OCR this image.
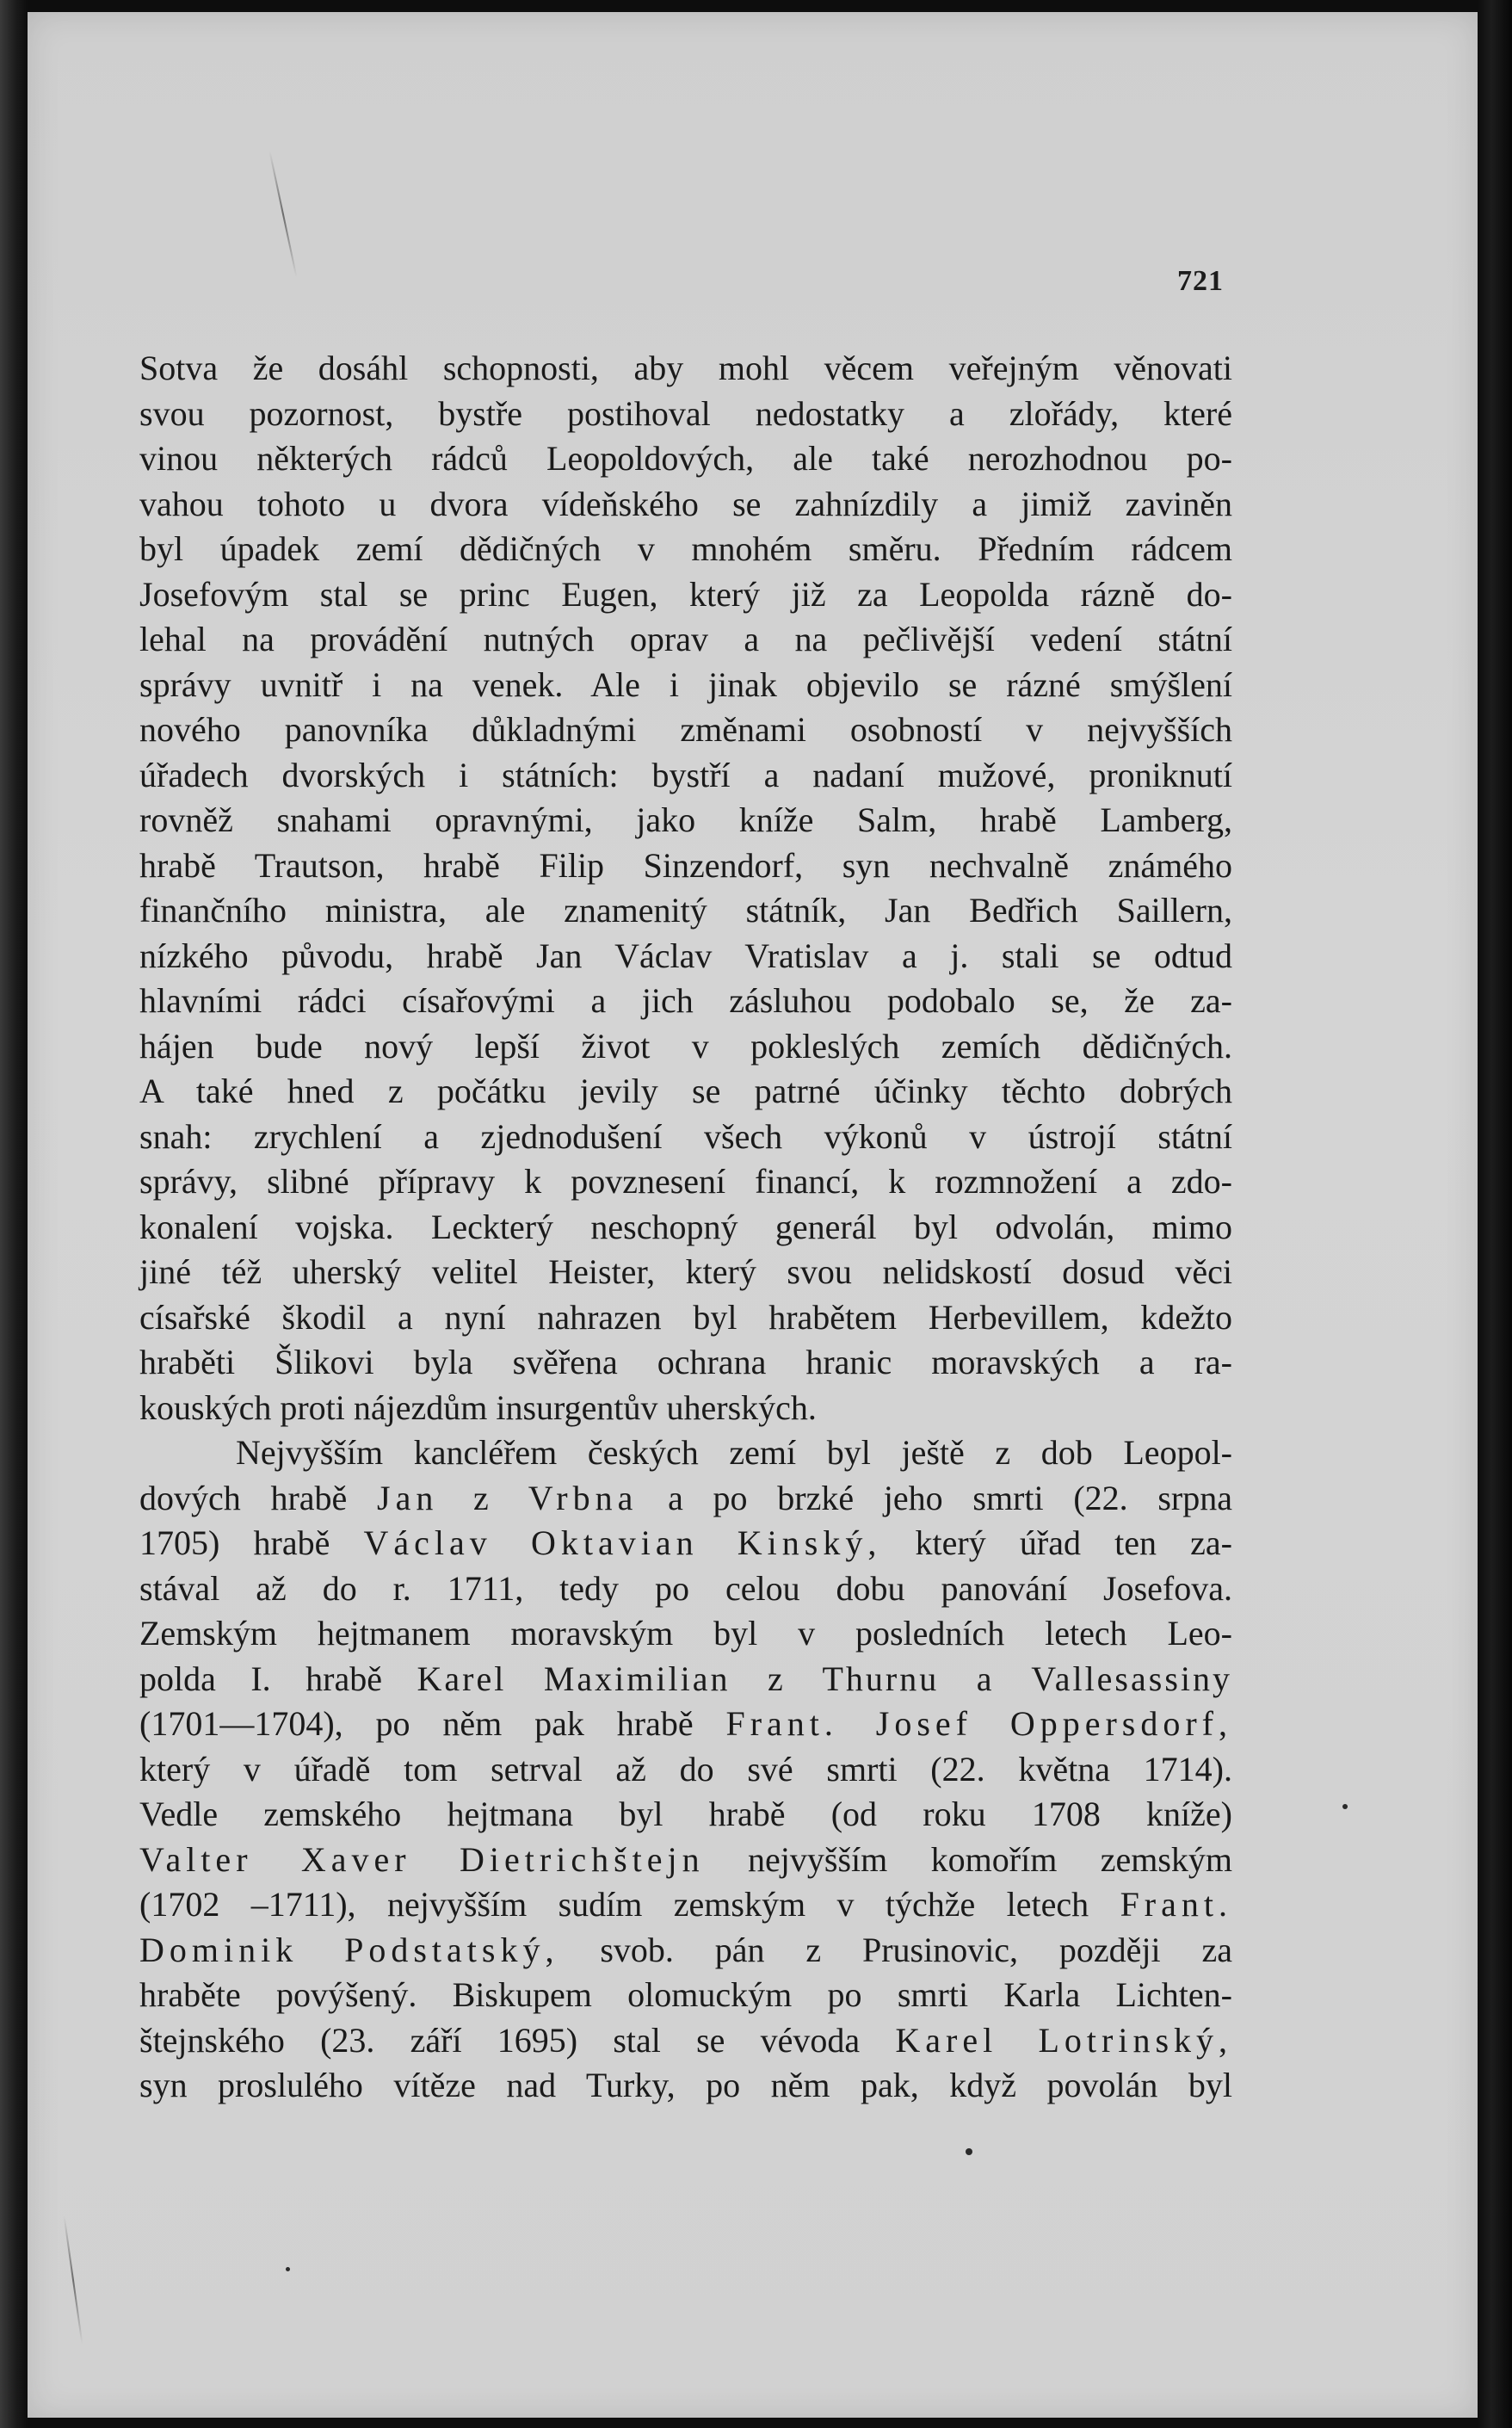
721
Sotva že dosáhl schopnosti, aby mohl věcem veřejným věnovati
svou pozornost, bystře postihoval nedostatky a zlořády, které
vinou některých rádců Leopoldových, ale také nerozhodnou po-
vahou tohoto u dvora vídeňského se zahnízdily a jimiž zaviněn
byl úpadek zemí dědičných v mnohém směru. Předním rádcem
Josefovým stal se princ Eugen, který již za Leopolda rázně do-
lehal na provádění nutných oprav a na pečlivější vedení státní
správy uvnitř i na venek. Ale i jinak objevilo se rázné smýšlení
nového panovníka důkladnými změnami osobností v nejvyšších
úřadech dvorských i státních: bystří a nadaní mužové, proniknutí
rovněž snahami opravnými, jako kníže Salm, hrabě Lamberg,
hrabě Trautson, hrabě Filip Sinzendorf, syn nechvalně známého
finančního ministra, ale znamenitý státník, Jan Bedřich Saillern,
nízkého původu, hrabě Jan Václav Vratislav a j. stali se odtud
hlavními rádci císařovými a jich zásluhou podobalo se, že za-
hájen bude nový lepší život v pokleslých zemích dědičných.
A také hned z počátku jevily se patrné účinky těchto dobrých
snah: zrychlení a zjednodušení všech výkonů v ústrojí státní
správy, slibné přípravy k povznesení financí, k rozmnožení a zdo-
konalení vojska. Leckterý neschopný generál byl odvolán, mimo
jiné též uherský velitel Heister, který svou nelidskostí dosud věci
císařské škodil a nyní nahrazen byl hrabětem Herbevillem, kdežto
hraběti Šlikovi byla svěřena ochrana hranic moravských a ra-
kouských proti nájezdům insurgentův uherských.
Nejvyšším kancléřem českých zemí byl ještě z dob Leopol-
dových hrabě Jan z Vrbna a po brzké jeho smrti (22. srpna
1705) hrabě Václav Oktavian Kinský, který úřad ten za-
stával až do r. 1711, tedy po celou dobu panování Josefova.
Zemským hejtmanem moravským byl v posledních letech Leo-
polda I. hrabě Karel Maximilian z Thurnu a Vallesassiny
(1701—1704), po něm pak hrabě Frant. Josef Oppersdorf,
který v úřadě tom setrval až do své smrti (22. května 1714).
Vedle zemského hejtmana byl hrabě (od roku 1708 kníže)
Valter Xaver Dietrichštejn nejvyšším komořím zemským
(1702 –1711), nejvyšším sudím zemským v týchže letech Frant.
Dominik Podstatský, svob. pán z Prusinovic, později za
hraběte povýšený. Biskupem olomuckým po smrti Karla Lichten-
štejnského (23. září 1695) stal se vévoda Karel Lotrinský,
syn proslulého vítěze nad Turky, po něm pak, když povolán byl
